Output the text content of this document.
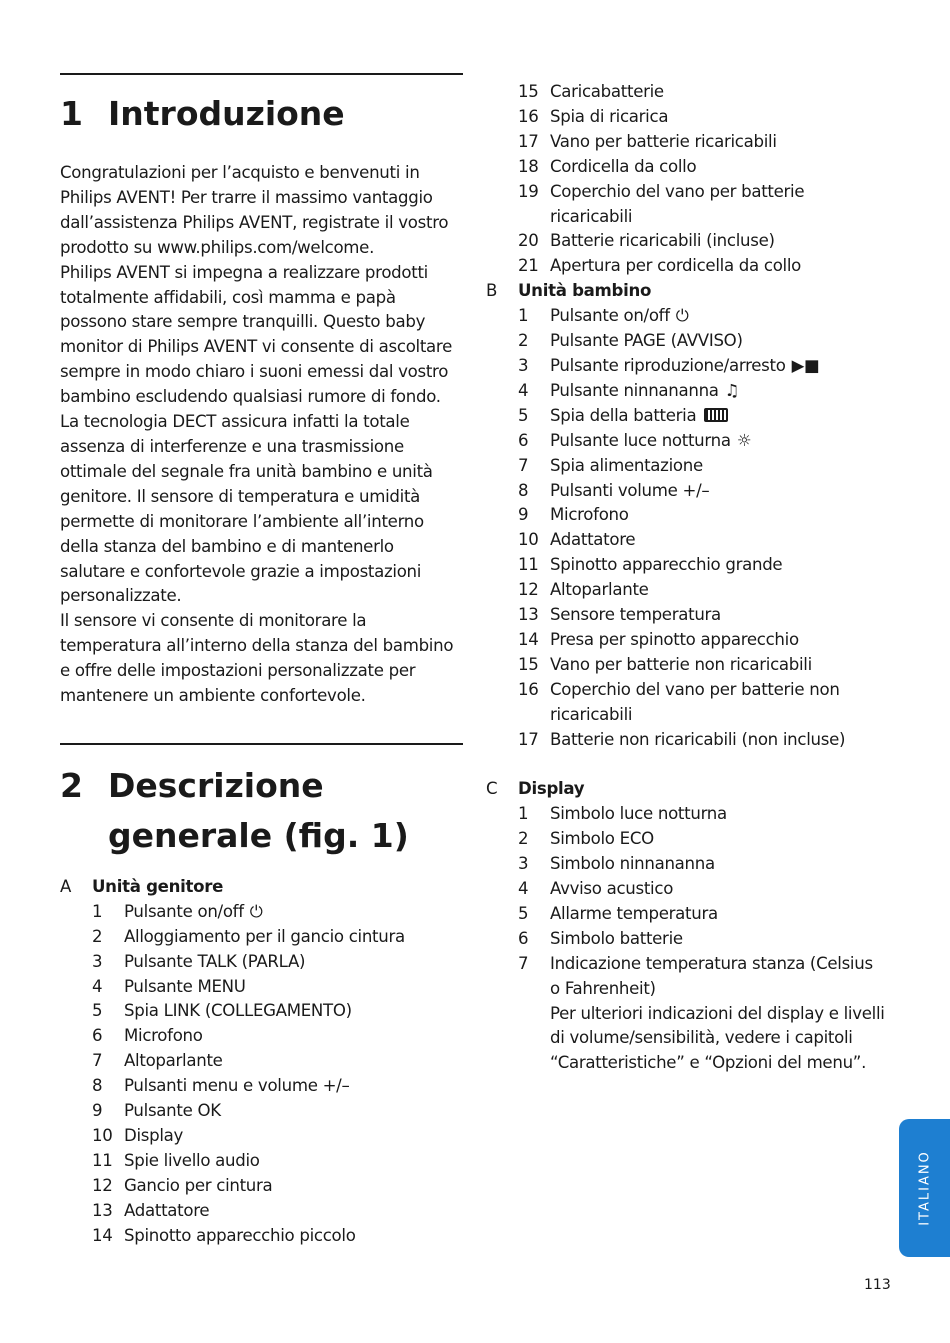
1 Introduzione

Congratulazioni per l’acquisto e benvenuti in Philips AVENT! Per trarre il massimo vantaggio dall’assistenza Philips AVENT, registrate il vostro prodotto su www.philips.com/welcome.

Philips AVENT si impegna a realizzare prodotti totalmente affidabili, così mamma e papà possono stare sempre tranquilli. Questo baby monitor di Philips AVENT vi consente di ascoltare sempre in modo chiaro i suoni emessi dal vostro bambino escludendo qualsiasi rumore di fondo. La tecnologia DECT assicura infatti la totale assenza di interferenze e una trasmissione ottimale del segnale fra unità bambino e unità genitore. Il sensore di temperatura e umidità permette di monitorare l’ambiente all’interno della stanza del bambino e di mantenerlo salutare e confortevole grazie a impostazioni personalizzate.

Il sensore vi consente di monitorare la temperatura all’interno della stanza del bambino e offre delle impostazioni personalizzate per mantenere un ambiente confortevole.

2 Descrizione
generale (fig. 1)
A	Unità genitore
1	Pulsante on/off ⏻
2	Alloggiamento per il gancio cintura
3	Pulsante TALK (PARLA)
4	Pulsante MENU
5	Spia LINK (COLLEGAMENTO)
6	Microfono
7	Altoparlante
8	Pulsanti menu e volume +/–
9	Pulsante OK
10 Display
11 Spie livello audio
12 Gancio per cintura
13 Adattatore
14 Spinotto apparecchio piccolo
15 Caricabatterie
16 Spia di ricarica
17 Vano per batterie ricaricabili
18 Cordicella da collo
19 Coperchio del vano per batterie ricaricabili
20 Batterie ricaricabili (incluse)
21 Apertura per cordicella da collo
B	Unità bambino
1	Pulsante on/off ⏻
2	Pulsante PAGE (AVVISO)
3	Pulsante riproduzione/arresto ▶■
4	Pulsante ninnananna ♫
5	Spia della batteria
6	Pulsante luce notturna ☼
7	Spia alimentazione
8	Pulsanti volume +/–
9	Microfono
10 Adattatore
11 Spinotto apparecchio grande
12 Altoparlante
13 Sensore temperatura
14 Presa per spinotto apparecchio
15 Vano per batterie non ricaricabili
16 Coperchio del vano per batterie non ricaricabili
17 Batterie non ricaricabili (non incluse)
C	Display
1	Simbolo luce notturna
2	Simbolo ECO
3	Simbolo ninnananna
4	Avviso acustico
5	Allarme temperatura
6	Simbolo batterie
7	Indicazione temperatura stanza (Celsius o Fahrenheit)
Per ulteriori indicazioni del display e livelli di volume/sensibilità, vedere i capitoli “Caratteristiche” e “Opzioni del menu”.
ITALIANO
113
